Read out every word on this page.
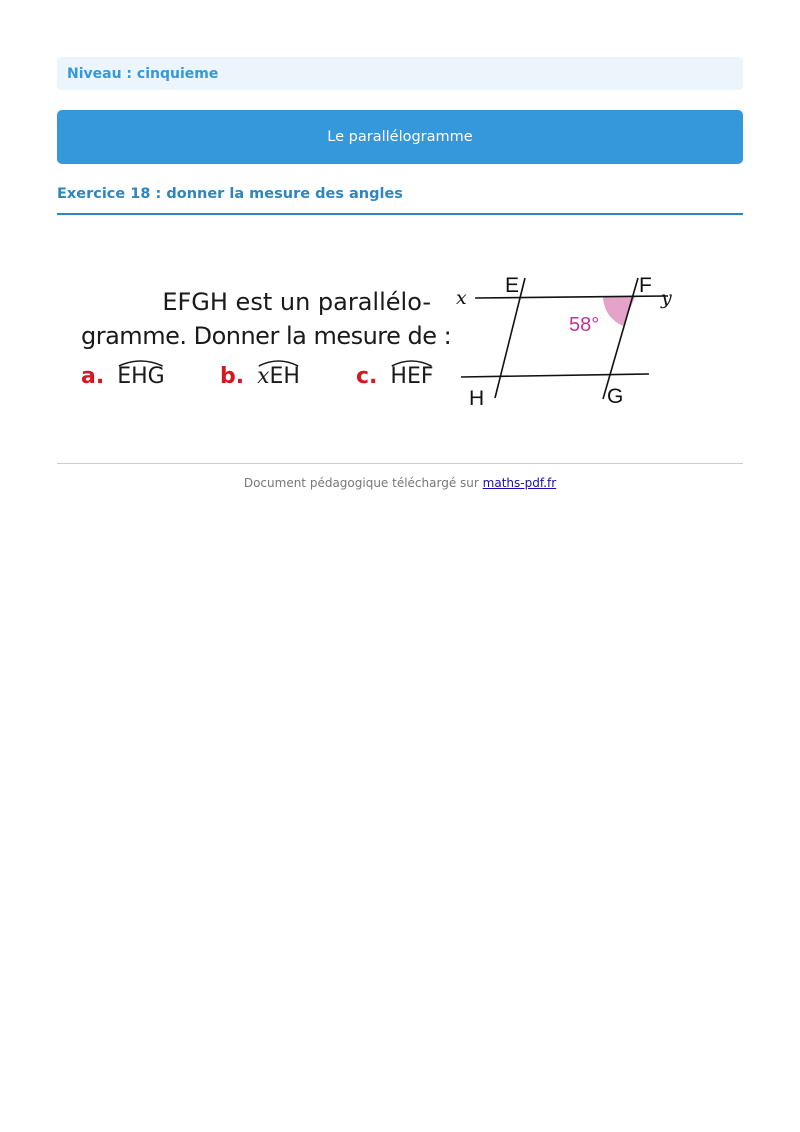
Niveau : cinquieme
Le parallélogramme
Exercice 18 : donner la mesure des angles
EFGH est un parallélo-
gramme. Donner la mesure de :
a. EHG	b. xEH	c. HEF
x	y
E	F
H	G
58°
Document pédagogique téléchargé sur maths-pdf.fr
